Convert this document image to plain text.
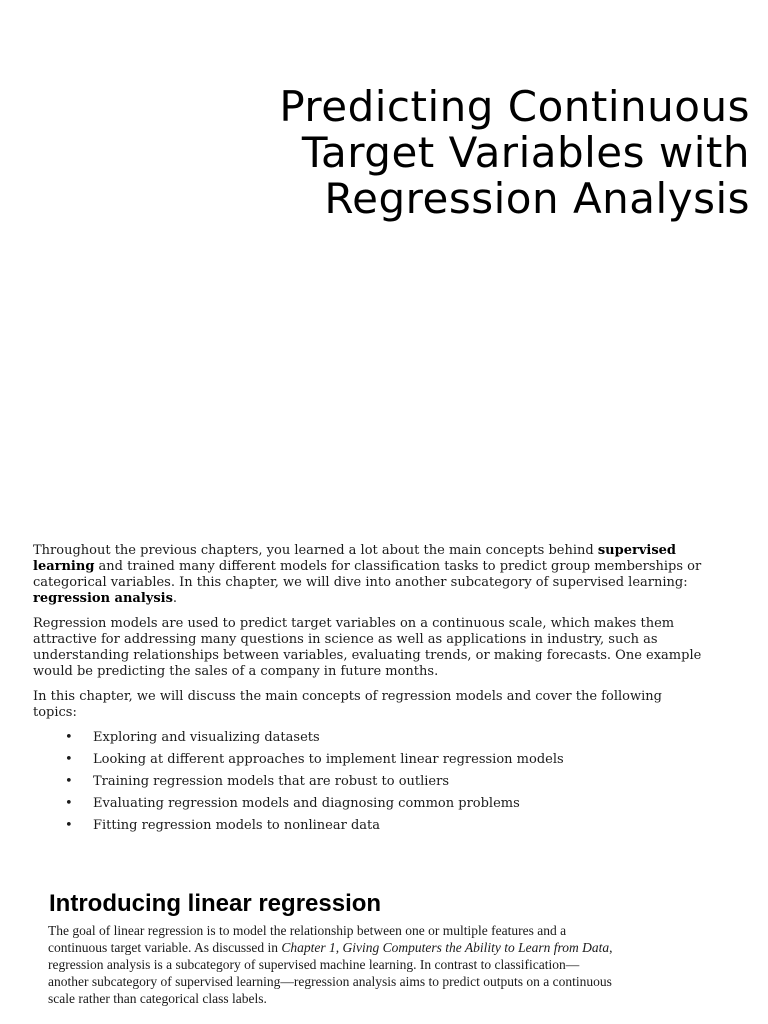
Predicting Continuous
Target Variables with
Regression Analysis

Throughout the previous chapters, you learned a lot about the main concepts behind supervised learning and trained many different models for classification tasks to predict group memberships or categorical variables. In this chapter, we will dive into another subcategory of supervised learning: regression analysis.

Regression models are used to predict target variables on a continuous scale, which makes them attractive for addressing many questions in science as well as applications in industry, such as understanding relationships between variables, evaluating trends, or making forecasts. One example would be predicting the sales of a company in future months.

In this chapter, we will discuss the main concepts of regression models and cover the following topics:

• Exploring and visualizing datasets
• Looking at different approaches to implement linear regression models
• Training regression models that are robust to outliers
• Evaluating regression models and diagnosing common problems
• Fitting regression models to nonlinear data
Introducing linear regression

The goal of linear regression is to model the relationship between one or multiple features and a continuous target variable. As discussed in Chapter 1, Giving Computers the Ability to Learn from Data, regression analysis is a subcategory of supervised machine learning. In contrast to classification—another subcategory of supervised learning—regression analysis aims to predict outputs on a continuous scale rather than categorical class labels.
